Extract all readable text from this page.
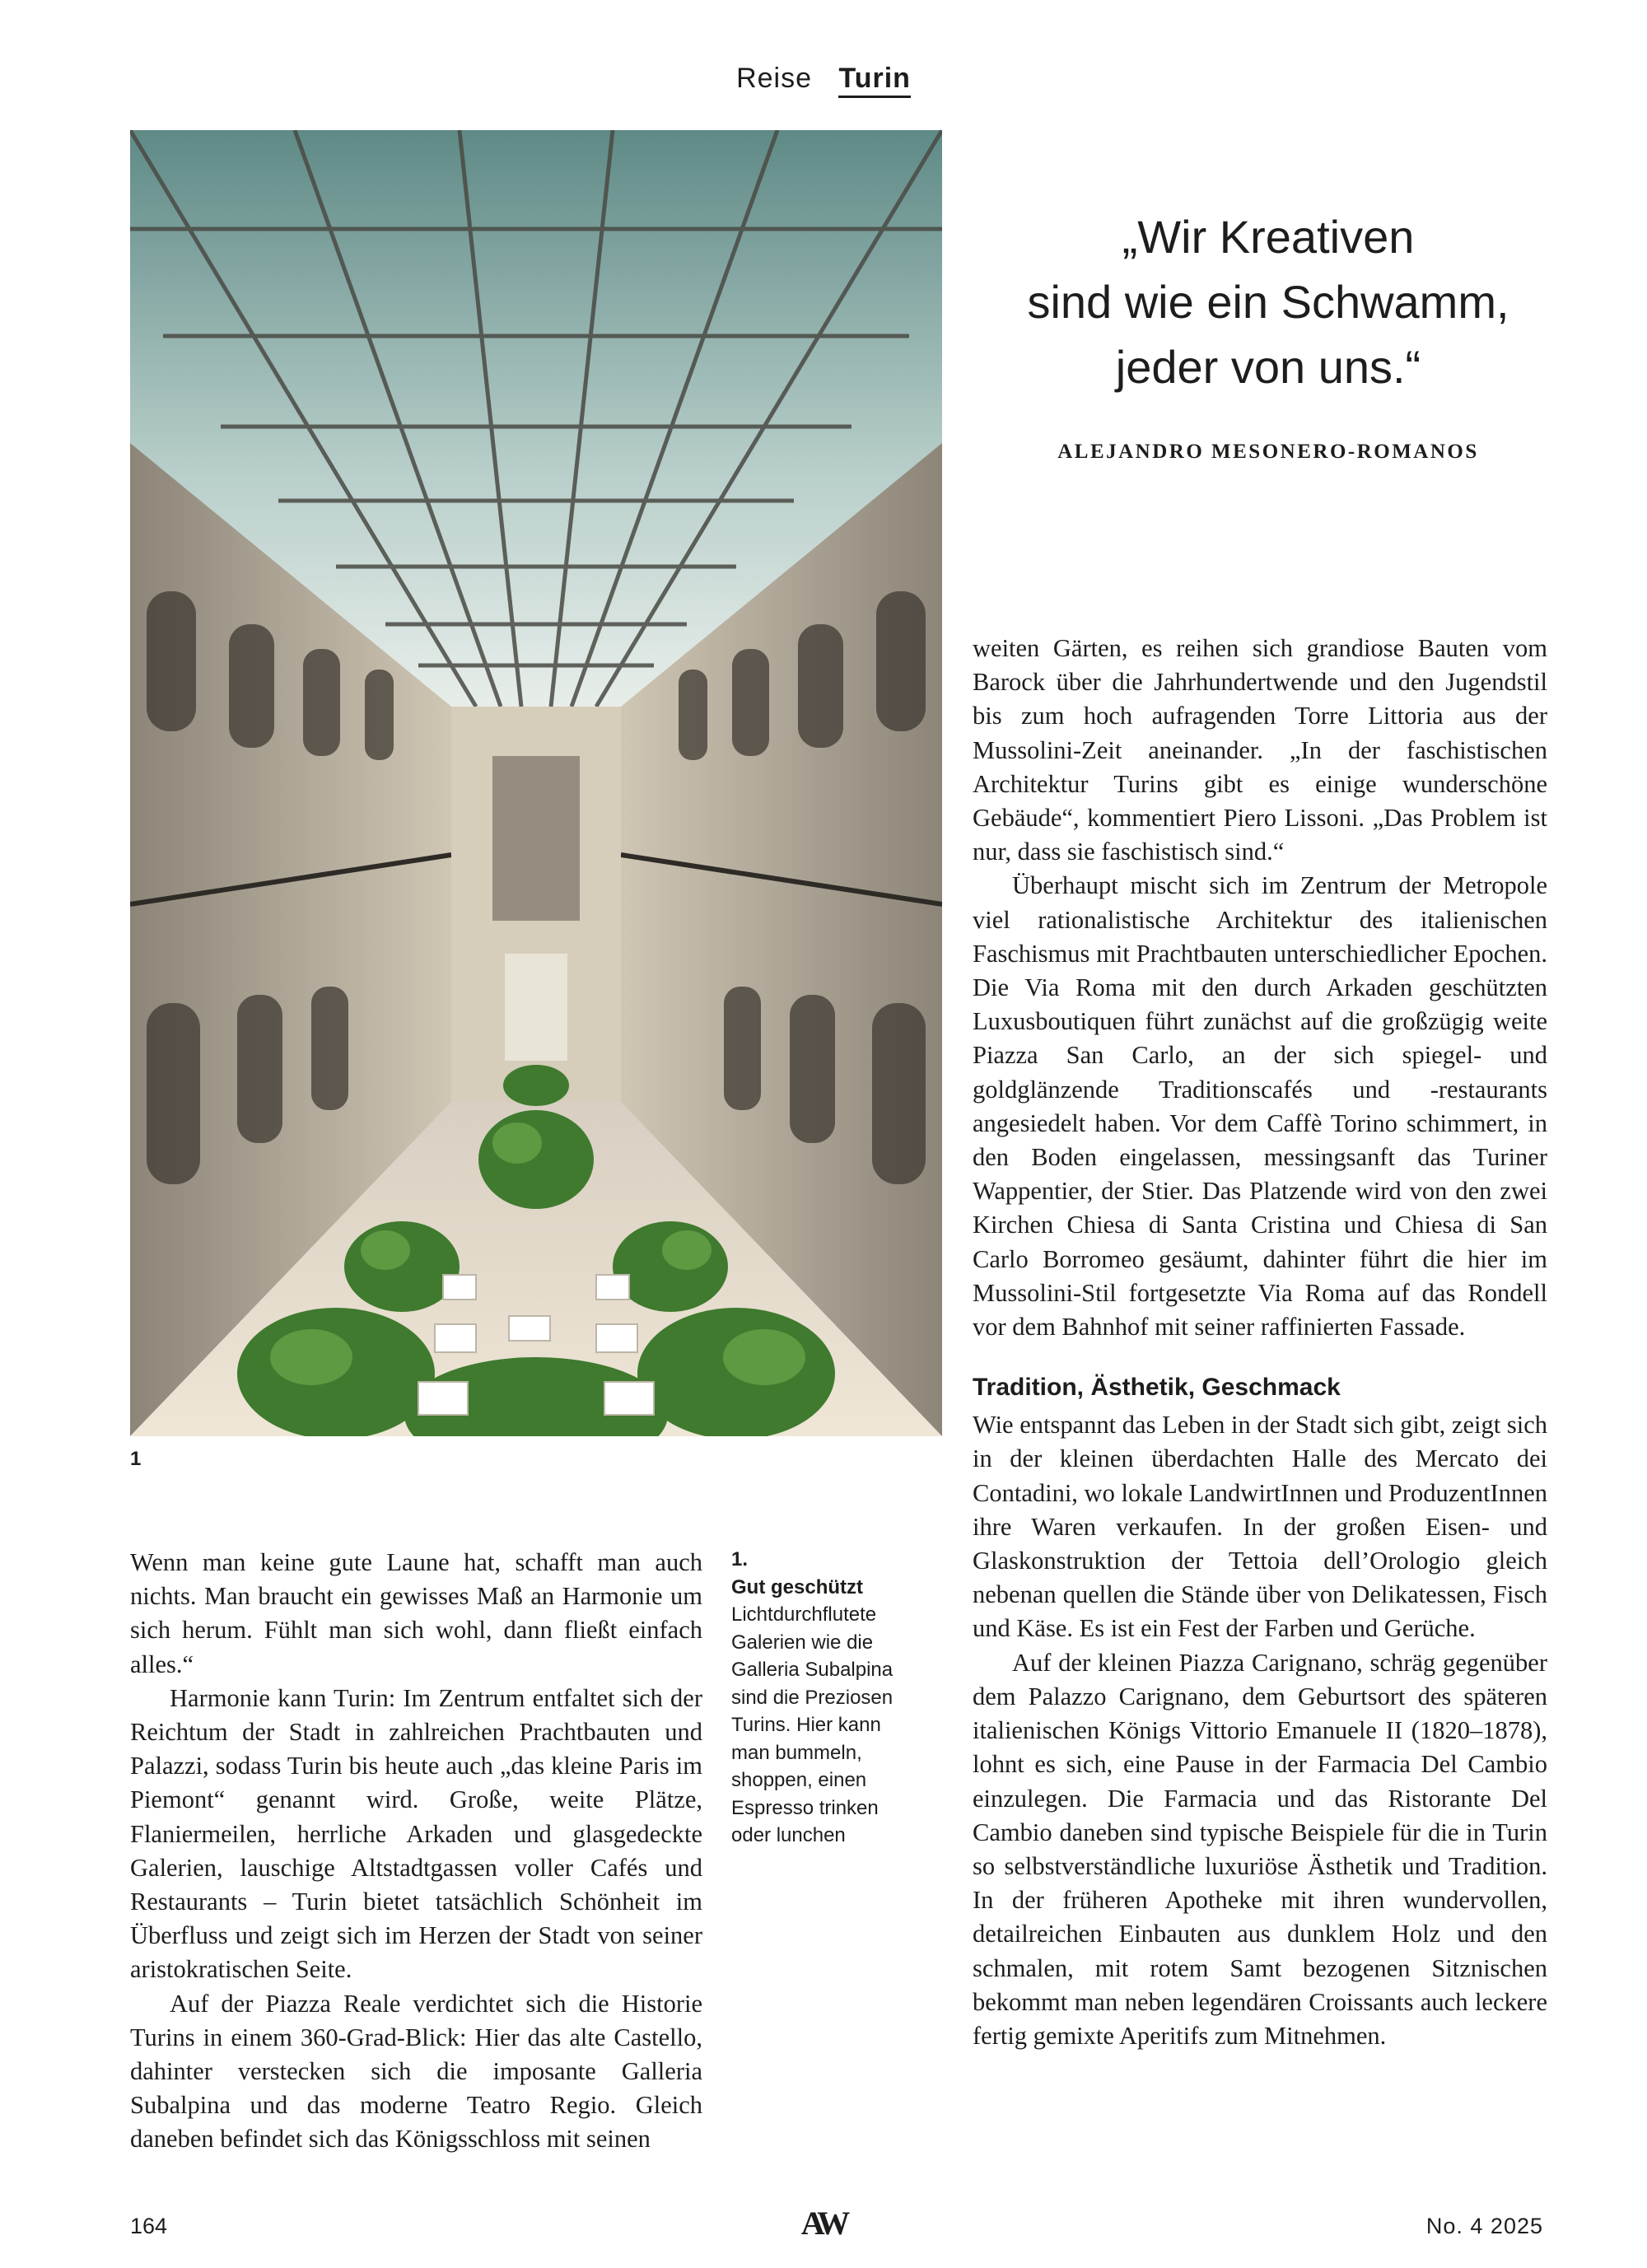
Reise Turin
1
„Wir Kreativen
sind wie ein Schwamm,
jeder von uns.“
ALEJANDRO MESONERO-ROMANOS

weiten Gärten, es reihen sich grandiose Bauten vom Barock über die Jahrhundertwende und den Jugendstil bis zum hoch aufragenden Torre Littoria aus der Mussolini-Zeit aneinander. „In der faschistischen Architektur Turins gibt es einige wunderschöne Gebäude“, kommentiert Piero Lissoni. „Das Problem ist nur, dass sie faschistisch sind.“

Überhaupt mischt sich im Zentrum der Metropole viel rationalistische Architektur des italienischen Faschismus mit Prachtbauten unterschiedlicher Epochen. Die Via Roma mit den durch Arkaden geschützten Luxusboutiquen führt zunächst auf die großzügig weite Piazza San Carlo, an der sich spiegel- und goldglänzende Traditionscafés und -restaurants angesiedelt haben. Vor dem Caffè Torino schimmert, in den Boden eingelassen, messingsanft das Turiner Wappentier, der Stier. Das Platzende wird von den zwei Kirchen Chiesa di Santa Cristina und Chiesa di San Carlo Borromeo gesäumt, dahinter führt die hier im Mussolini-Stil fortgesetzte Via Roma auf das Rondell vor dem Bahnhof mit seiner raffinierten Fassade.

Tradition, Ästhetik, Geschmack

Wie entspannt das Leben in der Stadt sich gibt, zeigt sich in der kleinen überdachten Halle des Mercato dei Contadini, wo lokale LandwirtInnen und ProduzentInnen ihre Waren verkaufen. In der großen Eisen- und Glaskonstruktion der Tettoia dell’Orologio gleich nebenan quellen die Stände über von Delikatessen, Fisch und Käse. Es ist ein Fest der Farben und Gerüche.

Auf der kleinen Piazza Carignano, schräg gegenüber dem Palazzo Carignano, dem Geburtsort des späteren italienischen Königs Vittorio Emanuele II (1820–1878), lohnt es sich, eine Pause in der Farmacia Del Cambio einzulegen. Die Farmacia und das Ristorante Del Cambio daneben sind typische Beispiele für die in Turin so selbstverständliche luxuriöse Ästhetik und Tradition. In der früheren Apotheke mit ihren wundervollen, detailreichen Einbauten aus dunklem Holz und den schmalen, mit rotem Samt bezogenen Sitznischen bekommt man neben legendären Croissants auch leckere fertig gemixte Aperitifs zum Mitnehmen.

Wenn man keine gute Laune hat, schafft man auch nichts. Man braucht ein gewisses Maß an Harmonie um sich herum. Fühlt man sich wohl, dann fließt einfach alles.“

Harmonie kann Turin: Im Zentrum entfaltet sich der Reichtum der Stadt in zahlreichen Prachtbauten und Palazzi, sodass Turin bis heute auch „das kleine Paris im Piemont“ genannt wird. Große, weite Plätze, Flaniermeilen, herrliche Arkaden und glasgedeckte Galerien, lauschige Altstadtgassen voller Cafés und Restaurants – Turin bietet tatsächlich Schönheit im Überfluss und zeigt sich im Herzen der Stadt von seiner aristokratischen Seite.

Auf der Piazza Reale verdichtet sich die Historie Turins in einem 360-Grad-Blick: Hier das alte Castello, dahinter verstecken sich die imposante Galleria Subalpina und das moderne Teatro Regio. Gleich daneben befindet sich das Königsschloss mit seinen

1.
Gut geschützt
Lichtdurchflutete Galerien wie die Galleria Subalpina sind die Preziosen Turins. Hier kann man bummeln, shoppen, einen Espresso trinken oder lunchen
164	AW	No. 4 2025
